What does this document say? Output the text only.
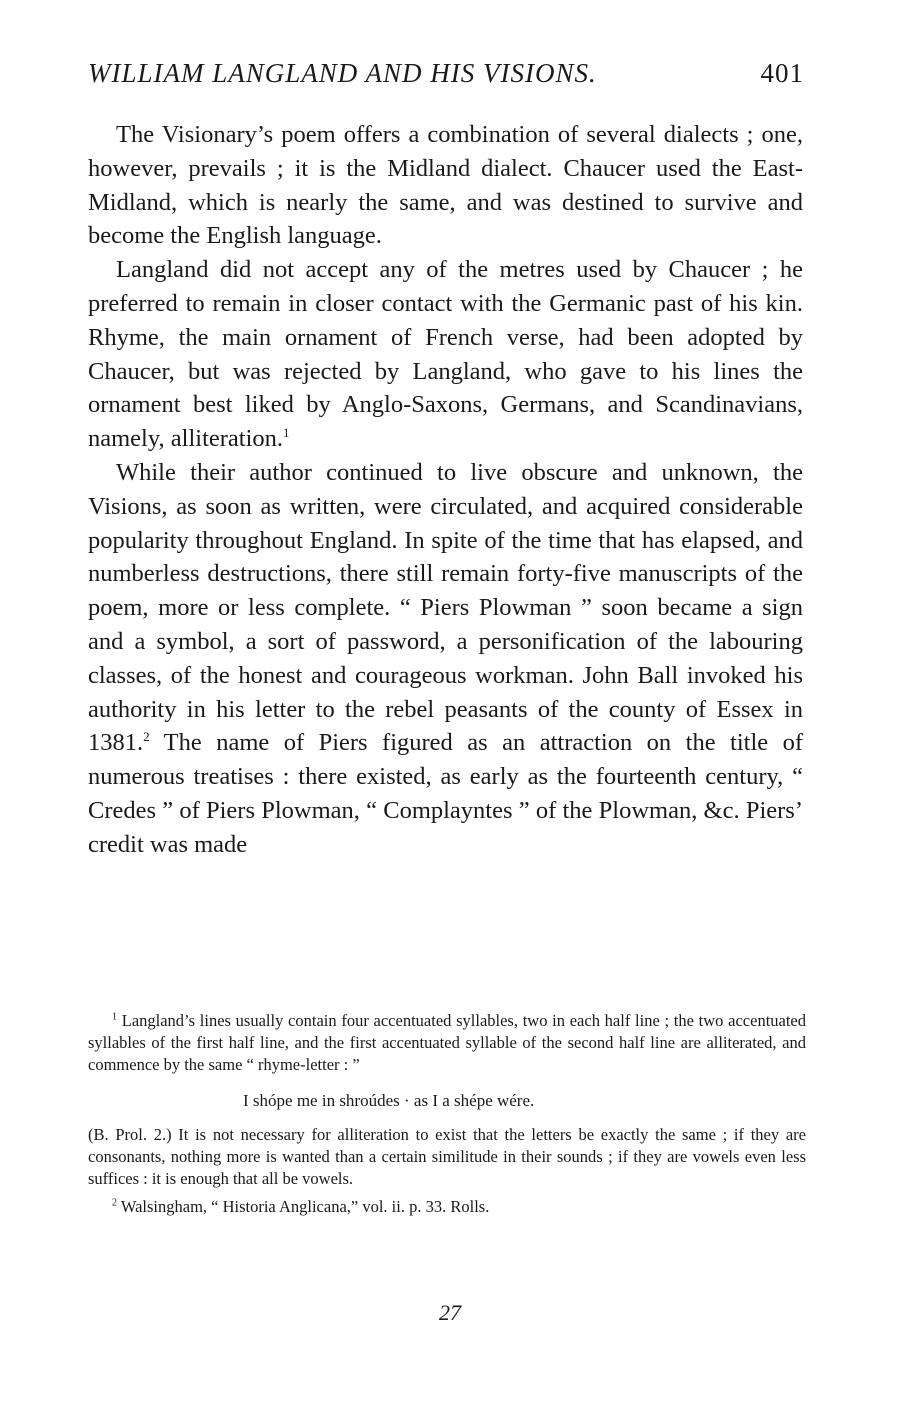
WILLIAM LANGLAND AND HIS VISIONS.	401

The Visionary’s poem offers a combination of several dialects ; one, however, prevails ; it is the Midland dialect. Chaucer used the East-Midland, which is nearly the same, and was destined to survive and become the English language.

Langland did not accept any of the metres used by Chaucer ; he preferred to remain in closer contact with the Germanic past of his kin. Rhyme, the main ornament of French verse, had been adopted by Chaucer, but was rejected by Langland, who gave to his lines the ornament best liked by Anglo-Saxons, Germans, and Scandinavians, namely, alliteration.$^1$

While their author continued to live obscure and unknown, the Visions, as soon as written, were circulated, and acquired considerable popularity throughout England. In spite of the time that has elapsed, and numberless destructions, there still remain forty-five manuscripts of the poem, more or less complete. “ Piers Plowman ” soon became a sign and a symbol, a sort of password, a personification of the labouring classes, of the honest and courageous workman. John Ball invoked his authority in his letter to the rebel peasants of the county of Essex in 1381.$^2$ The name of Piers figured as an attraction on the title of numerous treatises : there existed, as early as the fourteenth century, “ Credes ” of Piers Plowman, “ Complayntes ” of the Plowman, &c. Piers’ credit was made

$^1$ Langland’s lines usually contain four accentuated syllables, two in each half line ; the two accentuated syllables of the first half line, and the first accentuated syllable of the second half line are alliterated, and commence by the same “ rhyme-letter : ”

I shópe me in shroúdes · as I a shépe wére.

(B. Prol. 2.) It is not necessary for alliteration to exist that the letters be exactly the same ; if they are consonants, nothing more is wanted than a certain similitude in their sounds ; if they are vowels even less suffices : it is enough that all be vowels.

$^2$ Walsingham, “ Historia Anglicana,” vol. ii. p. 33. Rolls.

27
